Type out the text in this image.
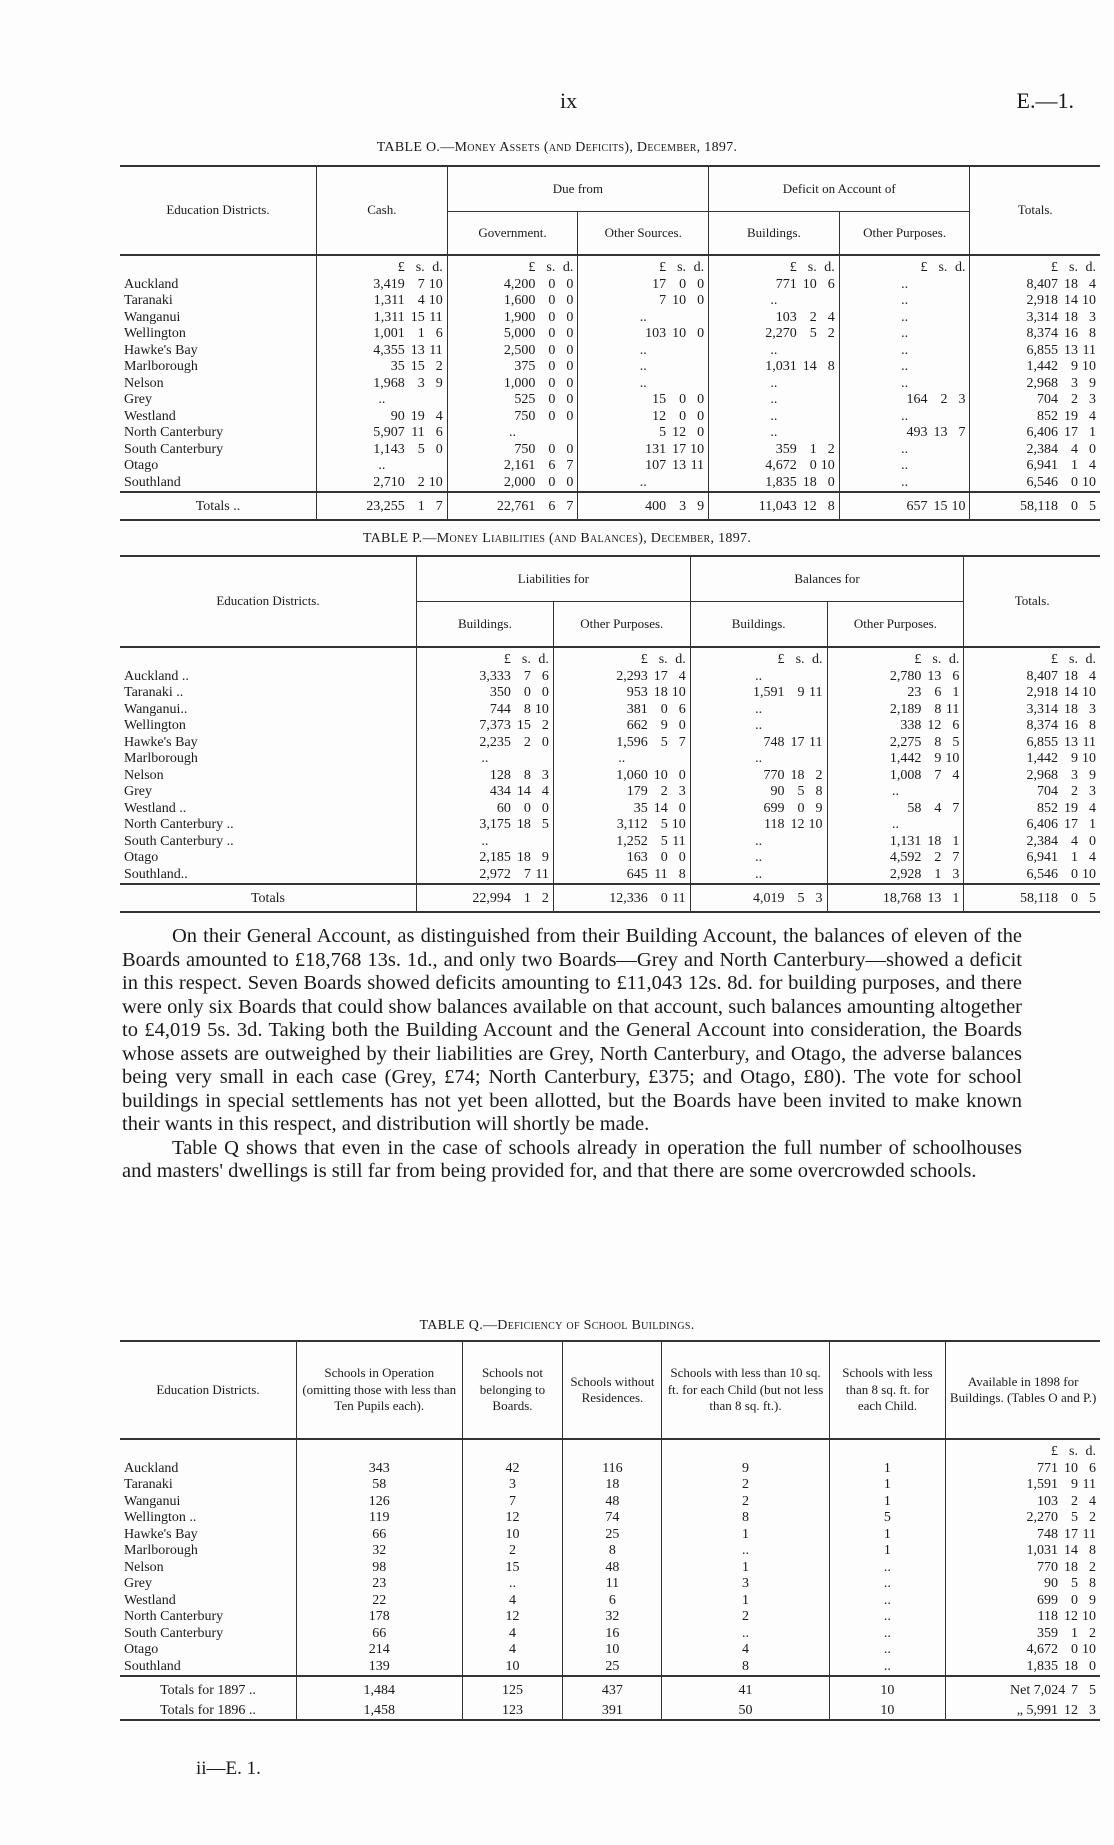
ix	E.—1.
TABLE O.—Money Assets (and Deficits), December, 1897.
Education Districts.	Cash.	Due from		Deficit on Account of		Totals.
		Government.	Other Sources.	Buildings.	Other Purposes.	
	£ s. d.	£ s. d.	£ s. d.	£ s. d.	£ s. d.	£ s. d.
Auckland	3,419 7 10	4,200 0 0	17 0 0	771 10 6	..	8,407 18 4
Taranaki	1,311 4 10	1,600 0 0	7 10 0	..	..	2,918 14 10
Wanganui	1,311 15 11	1,900 0 0	..	103 2 4	..	3,314 18 3
Wellington	1,001 1 6	5,000 0 0	103 10 0	2,270 5 2	..	8,374 16 8
Hawke's Bay	4,355 13 11	2,500 0 0	..	..	..	6,855 13 11
Marlborough	35 15 2	375 0 0	..	1,031 14 8	..	1,442 9 10
Nelson	1,968 3 9	1,000 0 0	..	..	..	2,968 3 9
Grey	..	525 0 0	15 0 0	..	164 2 3	704 2 3
Westland	90 19 4	750 0 0	12 0 0	..	..	852 19 4
North Canterbury	5,907 11 6	..	5 12 0	..	493 13 7	6,406 17 1
South Canterbury	1,143 5 0	750 0 0	131 17 10	359 1 2	..	2,384 4 0
Otago	..	2,161 6 7	107 13 11	4,672 0 10	..	6,941 1 4
Southland	2,710 2 10	2,000 0 0	..	1,835 18 0	..	6,546 0 10
Totals ..	23,255 1 7	22,761 6 7	400 3 9	11,043 12 8	657 15 10	58,118 0 5
TABLE P.—Money Liabilities (and Balances), December, 1897.
Education Districts.	Liabilities for		Balances for		Totals.
	Buildings.	Other Purposes.	Buildings.	Other Purposes.	
	£ s. d.	£ s. d.	£ s. d.	£ s. d.	£ s. d.
Auckland ..	3,333 7 6	2,293 17 4	..	2,780 13 6	8,407 18 4
Taranaki ..	350 0 0	953 18 10	1,591 9 11	23 6 1	2,918 14 10
Wanganui..	744 8 10	381 0 6	..	2,189 8 11	3,314 18 3
Wellington	7,373 15 2	662 9 0	..	338 12 6	8,374 16 8
Hawke's Bay	2,235 2 0	1,596 5 7	748 17 11	2,275 8 5	6,855 13 11
Marlborough	..	..	..	1,442 9 10	1,442 9 10
Nelson	128 8 3	1,060 10 0	770 18 2	1,008 7 4	2,968 3 9
Grey	434 14 4	179 2 3	90 5 8	..	704 2 3
Westland ..	60 0 0	35 14 0	699 0 9	58 4 7	852 19 4
North Canterbury ..	3,175 18 5	3,112 5 10	118 12 10	..	6,406 17 1
South Canterbury ..	..	1,252 5 11	..	1,131 18 1	2,384 4 0
Otago	2,185 18 9	163 0 0	..	4,592 2 7	6,941 1 4
Southland..	2,972 7 11	645 11 8	..	2,928 1 3	6,546 0 10
Totals	22,994 1 2	12,336 0 11	4,019 5 3	18,768 13 1	58,118 0 5

On their General Account, as distinguished from their Building Account, the balances of eleven of the Boards amounted to £18,768 13s. 1d., and only two Boards—Grey and North Canterbury—showed a deficit in this respect. Seven Boards showed deficits amounting to £11,043 12s. 8d. for building purposes, and there were only six Boards that could show balances available on that account, such balances amounting altogether to £4,019 5s. 3d. Taking both the Building Account and the General Account into consideration, the Boards whose assets are outweighed by their liabilities are Grey, North Canterbury, and Otago, the adverse balances being very small in each case (Grey, £74; North Canterbury, £375; and Otago, £80). The vote for school buildings in special settlements has not yet been allotted, but the Boards have been invited to make known their wants in this respect, and distribution will shortly be made.

Table Q shows that even in the case of schools already in operation the full number of schoolhouses and masters' dwellings is still far from being provided for, and that there are some overcrowded schools.

TABLE Q.—Deficiency of School Buildings.
Education Districts.	Schools in Operation (omitting those with less than Ten Pupils each).	Schools not belonging to Boards.	Schools without Residences.	Schools with less than 10 sq. ft. for each Child (but not less than 8 sq. ft.).	Schools with less than 8 sq. ft. for each Child.	Available in 1898 for Buildings. (Tables O and P.)
						£ s. d.
Auckland	343	42	116	9	1	771 10 6
Taranaki	58	3	18	2	1	1,591 9 11
Wanganui	126	7	48	2	1	103 2 4
Wellington ..	119	12	74	8	5	2,270 5 2
Hawke's Bay	66	10	25	1	1	748 17 11
Marlborough	32	2	8	..	1	1,031 14 8
Nelson	98	15	48	1	..	770 18 2
Grey	23	..	11	3	..	90 5 8
Westland	22	4	6	1	..	699 0 9
North Canterbury	178	12	32	2	..	118 12 10
South Canterbury	66	4	16	..	..	359 1 2
Otago	214	4	10	4	..	4,672 0 10
Southland	139	10	25	8	..	1,835 18 0
Totals for 1897 ..	1,484	125	437	41	10	Net 7,024 7 5
Totals for 1896 ..	1,458	123	391	50	10	„ 5,991 12 3
ii—E. 1.
